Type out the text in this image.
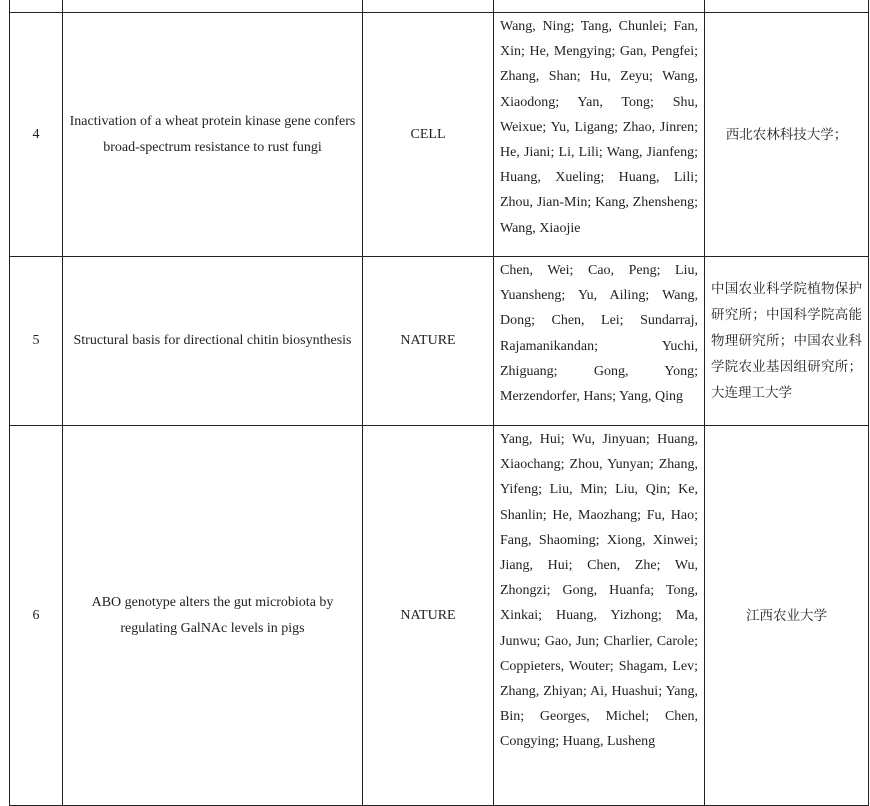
4	Inactivation of a wheat protein kinase gene confers broad-spectrum resistance to rust fungi	CELL	Wang, Ning; Tang, Chunlei; Fan, Xin; He, Mengying; Gan, Pengfei; Zhang, Shan; Hu, Zeyu; Wang, Xiaodong; Yan, Tong; Shu, Weixue; Yu, Ligang; Zhao, Jinren; He, Jiani; Li, Lili; Wang, Jianfeng; Huang, Xueling; Huang, Lili; Zhou, Jian-Min; Kang, Zhensheng; Wang, Xiaojie	西北农林科技大学；
5	Structural basis for directional chitin biosynthesis	NATURE	Chen, Wei; Cao, Peng; Liu, Yuansheng; Yu, Ailing; Wang, Dong; Chen, Lei; Sundarraj, Rajamanikandan; Yuchi, Zhiguang; Gong, Yong; Merzendorfer, Hans; Yang, Qing	中国农业科学院植物保护研究所；中国科学院高能物理研究所；中国农业科学院农业基因组研究所；大连理工大学

6	ABO genotype alters the gut microbiota by regulating GalNAc levels in pigs	NATURE	Yang, Hui; Wu, Jinyuan; Huang, Xiaochang; Zhou, Yunyan; Zhang, Yifeng; Liu, Min; Liu, Qin; Ke, Shanlin; He, Maozhang; Fu, Hao; Fang, Shaoming; Xiong, Xinwei; Jiang, Hui; Chen, Zhe; Wu, Zhongzi; Gong, Huanfa; Tong, Xinkai; Huang, Yizhong; Ma, Junwu; Gao, Jun; Charlier, Carole; Coppieters, Wouter; Shagam, Lev; Zhang, Zhiyan; Ai, Huashui; Yang, Bin; Georges, Michel; Chen, Congying; Huang, Lusheng	江西农业大学
